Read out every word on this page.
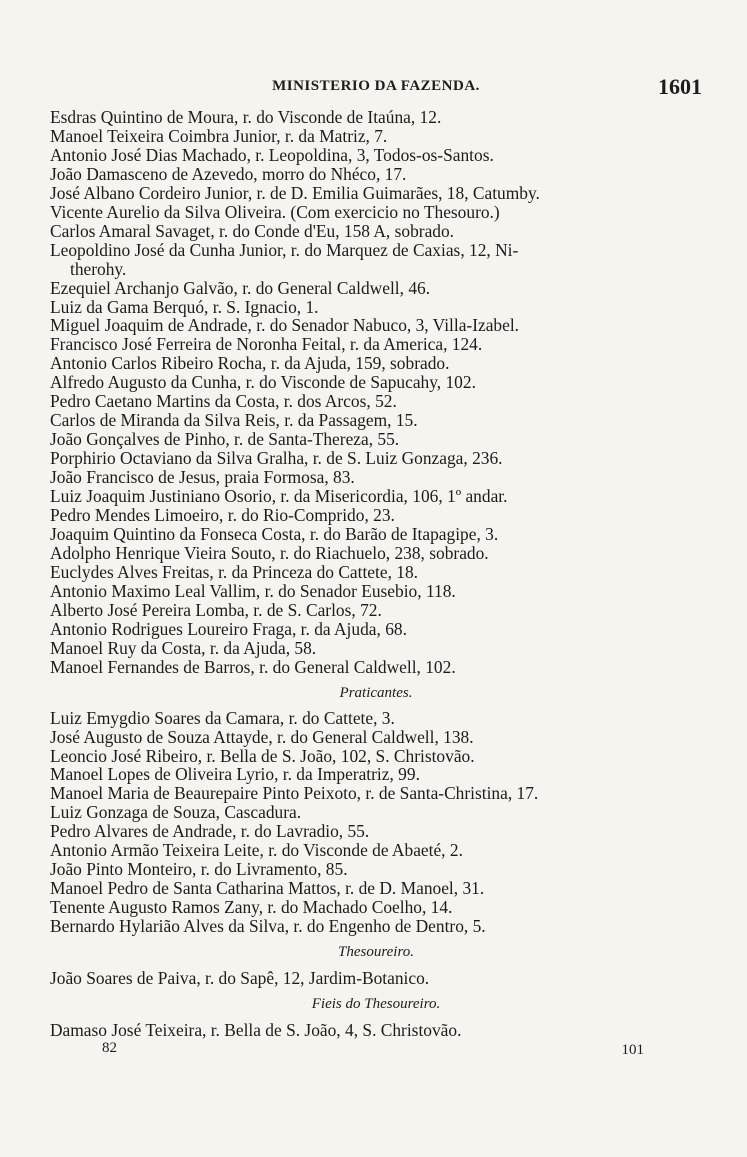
MINISTERIO DA FAZENDA.	1601
Esdras Quintino de Moura, r. do Visconde de Itaúna, 12.
Manoel Teixeira Coimbra Junior, r. da Matriz, 7.
Antonio José Dias Machado, r. Leopoldina, 3, Todos-os-Santos.
João Damasceno de Azevedo, morro do Nhéco, 17.
José Albano Cordeiro Junior, r. de D. Emilia Guimarães, 18, Catumby.
Vicente Aurelio da Silva Oliveira. (Com exercicio no Thesouro.)
Carlos Amaral Savaget, r. do Conde d'Eu, 158 A, sobrado.
Leopoldino José da Cunha Junior, r. do Marquez de Caxias, 12, Ni-
therohy.
Ezequiel Archanjo Galvão, r. do General Caldwell, 46.
Luiz da Gama Berquó, r. S. Ignacio, 1.
Miguel Joaquim de Andrade, r. do Senador Nabuco, 3, Villa-Izabel.
Francisco José Ferreira de Noronha Feital, r. da America, 124.
Antonio Carlos Ribeiro Rocha, r. da Ajuda, 159, sobrado.
Alfredo Augusto da Cunha, r. do Visconde de Sapucahy, 102.
Pedro Caetano Martins da Costa, r. dos Arcos, 52.
Carlos de Miranda da Silva Reis, r. da Passagem, 15.
João Gonçalves de Pinho, r. de Santa-Thereza, 55.
Porphirio Octaviano da Silva Gralha, r. de S. Luiz Gonzaga, 236.
João Francisco de Jesus, praia Formosa, 83.
Luiz Joaquim Justiniano Osorio, r. da Misericordia, 106, 1º andar.
Pedro Mendes Limoeiro, r. do Rio-Comprido, 23.
Joaquim Quintino da Fonseca Costa, r. do Barão de Itapagipe, 3.
Adolpho Henrique Vieira Souto, r. do Riachuelo, 238, sobrado.
Euclydes Alves Freitas, r. da Princeza do Cattete, 18.
Antonio Maximo Leal Vallim, r. do Senador Eusebio, 118.
Alberto José Pereira Lomba, r. de S. Carlos, 72.
Antonio Rodrigues Loureiro Fraga, r. da Ajuda, 68.
Manoel Ruy da Costa, r. da Ajuda, 58.
Manoel Fernandes de Barros, r. do General Caldwell, 102.
Praticantes.
Luiz Emygdio Soares da Camara, r. do Cattete, 3.
José Augusto de Souza Attayde, r. do General Caldwell, 138.
Leoncio José Ribeiro, r. Bella de S. João, 102, S. Christovão.
Manoel Lopes de Oliveira Lyrio, r. da Imperatriz, 99.
Manoel Maria de Beaurepaire Pinto Peixoto, r. de Santa-Christina, 17.
Luiz Gonzaga de Souza, Cascadura.
Pedro Alvares de Andrade, r. do Lavradio, 55.
Antonio Armão Teixeira Leite, r. do Visconde de Abaeté, 2.
João Pinto Monteiro, r. do Livramento, 85.
Manoel Pedro de Santa Catharina Mattos, r. de D. Manoel, 31.
Tenente Augusto Ramos Zany, r. do Machado Coelho, 14.
Bernardo Hylarião Alves da Silva, r. do Engenho de Dentro, 5.
Thesoureiro.
João Soares de Paiva, r. do Sapê, 12, Jardim-Botanico.
Fieis do Thesoureiro.
Damaso José Teixeira, r. Bella de S. João, 4, S. Christovão.
82	101
